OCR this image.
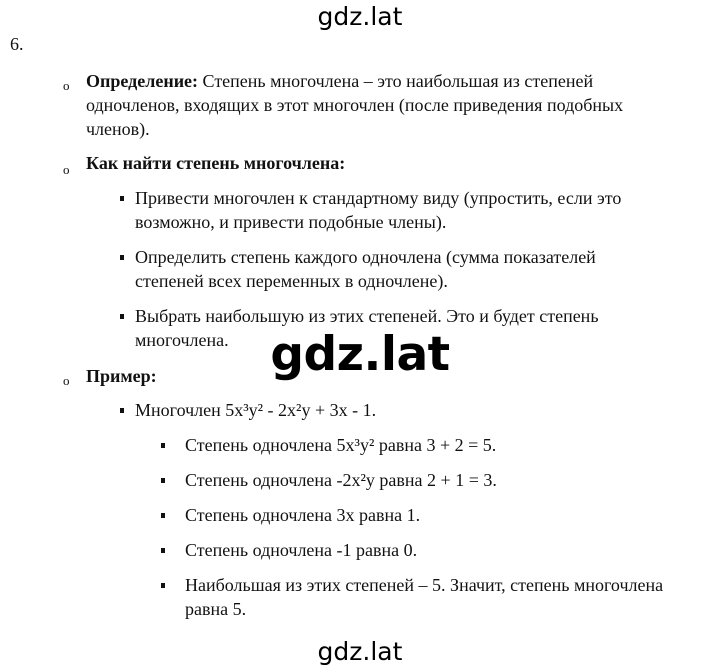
gdz.lat
6.
o Определение: Степень многочлена – это наибольшая из степеней
одночленов, входящих в этот многочлен (после приведения подобных
членов).
o Как найти степень многочлена:
Привести многочлен к стандартному виду (упростить, если это
возможно, и привести подобные члены).
Определить степень каждого одночлена (сумма показателей
степеней всех переменных в одночлене).
Выбрать наибольшую из этих степеней. Это и будет степень
многочлена. gdz.lat
o Пример:
Многочлен 5x³y² - 2x²y + 3x - 1.
Степень одночлена 5x³y² равна 3 + 2 = 5.
Степень одночлена -2x²y равна 2 + 1 = 3.
Степень одночлена 3x равна 1.
Степень одночлена -1 равна 0.
Наибольшая из этих степеней – 5. Значит, степень многочлена
равна 5.
gdz.lat
